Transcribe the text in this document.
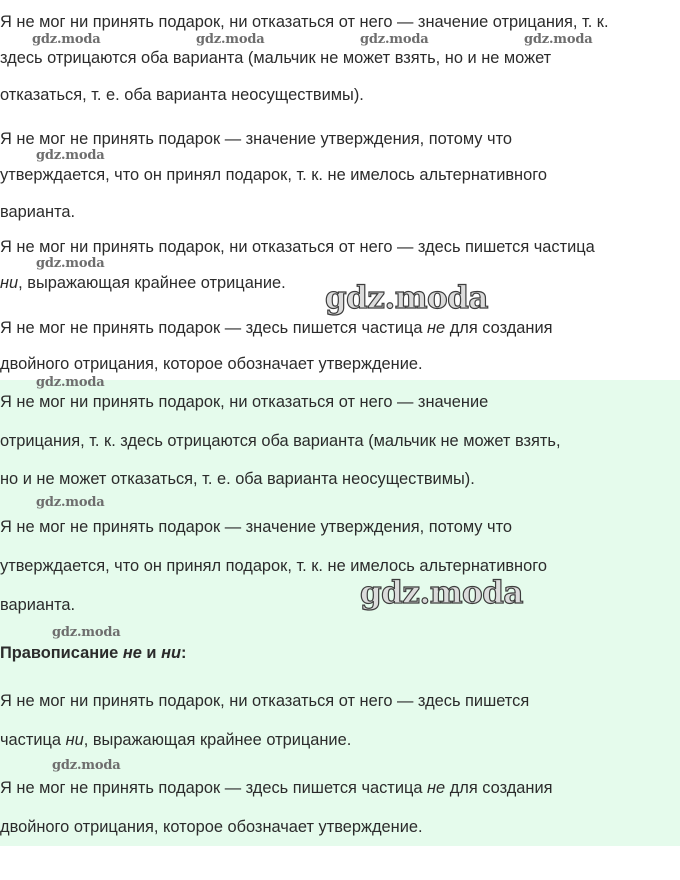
Я не мог ни принять подарок, ни отказаться от него — значение отрицания, т. к.

здесь отрицаются оба варианта (мальчик не может взять, но и не может

отказаться, т. е. оба варианта неосуществимы).

Я не мог не принять подарок — значение утверждения, потому что

утверждается, что он принял подарок, т. к. не имелось альтернативного

варианта.

Я не мог ни принять подарок, ни отказаться от него — здесь пишется частица

ни, выражающая крайнее отрицание.

Я не мог не принять подарок — здесь пишется частица не для создания

двойного отрицания, которое обозначает утверждение.

Я не мог ни принять подарок, ни отказаться от него — значение

отрицания, т. к. здесь отрицаются оба варианта (мальчик не может взять,

но и не может отказаться, т. е. оба варианта неосуществимы).

Я не мог не принять подарок — значение утверждения, потому что

утверждается, что он принял подарок, т. к. не имелось альтернативного

варианта.

Правописание не и ни:

Я не мог ни принять подарок, ни отказаться от него — здесь пишется

частица ни, выражающая крайнее отрицание.

Я не мог не принять подарок — здесь пишется частица не для создания

двойного отрицания, которое обозначает утверждение.

gdz.moda	gdz.moda	gdz.moda	gdz.moda
gdz.moda
gdz.moda
gdz.moda
gdz.moda
gdz.moda
gdz.moda
gdz.moda
gdz.moda
